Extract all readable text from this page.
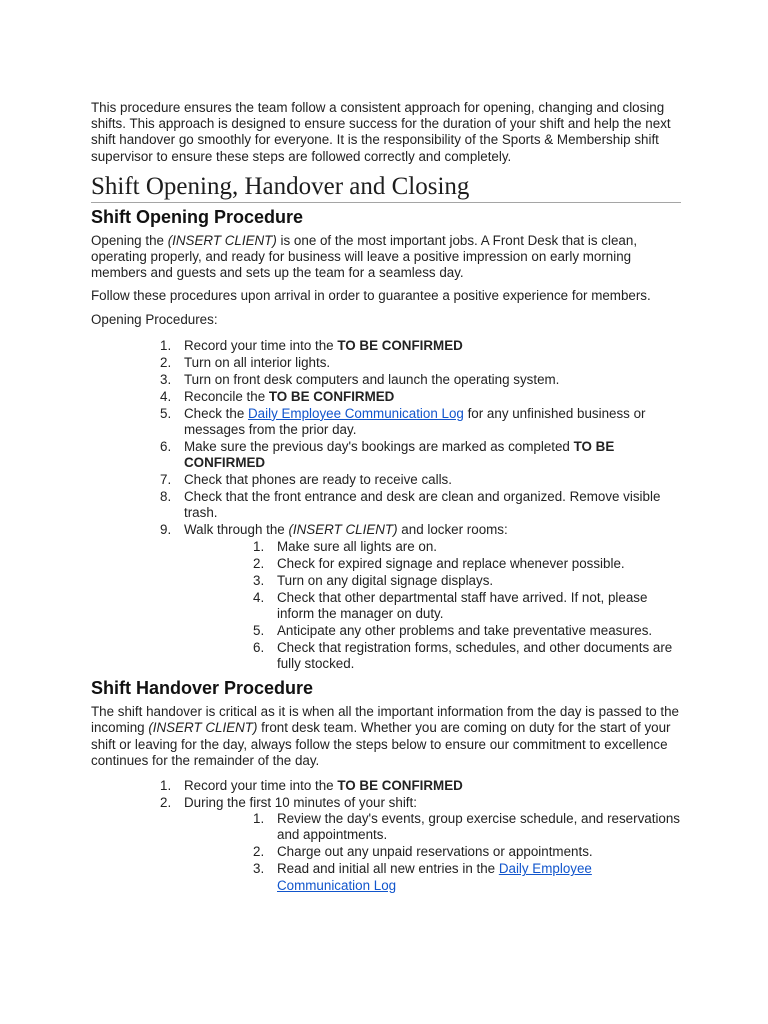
This procedure ensures the team follow a consistent approach for opening, changing and closing shifts. This approach is designed to ensure success for the duration of your shift and help the next shift handover go smoothly for everyone. It is the responsibility of the Sports & Membership shift supervisor to ensure these steps are followed correctly and completely.

Shift Opening, Handover and Closing
Shift Opening Procedure

Opening the (INSERT CLIENT) is one of the most important jobs. A Front Desk that is clean, operating properly, and ready for business will leave a positive impression on early morning members and guests and sets up the team for a seamless day.

Follow these procedures upon arrival in order to guarantee a positive experience for members.

Opening Procedures:

1. Record your time into the TO BE CONFIRMED
2. Turn on all interior lights.
3. Turn on front desk computers and launch the operating system.
4. Reconcile the TO BE CONFIRMED
5. Check the Daily Employee Communication Log for any unfinished business or messages from the prior day.
6. Make sure the previous day's bookings are marked as completed TO BE CONFIRMED
7. Check that phones are ready to receive calls.
8. Check that the front entrance and desk are clean and organized. Remove visible trash.
9. Walk through the (INSERT CLIENT) and locker rooms:
1. Make sure all lights are on.
2. Check for expired signage and replace whenever possible.
3. Turn on any digital signage displays.
4. Check that other departmental staff have arrived. If not, please inform the manager on duty.
5. Anticipate any other problems and take preventative measures.
6. Check that registration forms, schedules, and other documents are fully stocked.
Shift Handover Procedure

The shift handover is critical as it is when all the important information from the day is passed to the incoming (INSERT CLIENT) front desk team. Whether you are coming on duty for the start of your shift or leaving for the day, always follow the steps below to ensure our commitment to excellence continues for the remainder of the day.

1. Record your time into the TO BE CONFIRMED
2. During the first 10 minutes of your shift:
1. Review the day's events, group exercise schedule, and reservations and appointments.
2. Charge out any unpaid reservations or appointments.
3. Read and initial all new entries in the Daily Employee Communication Log
